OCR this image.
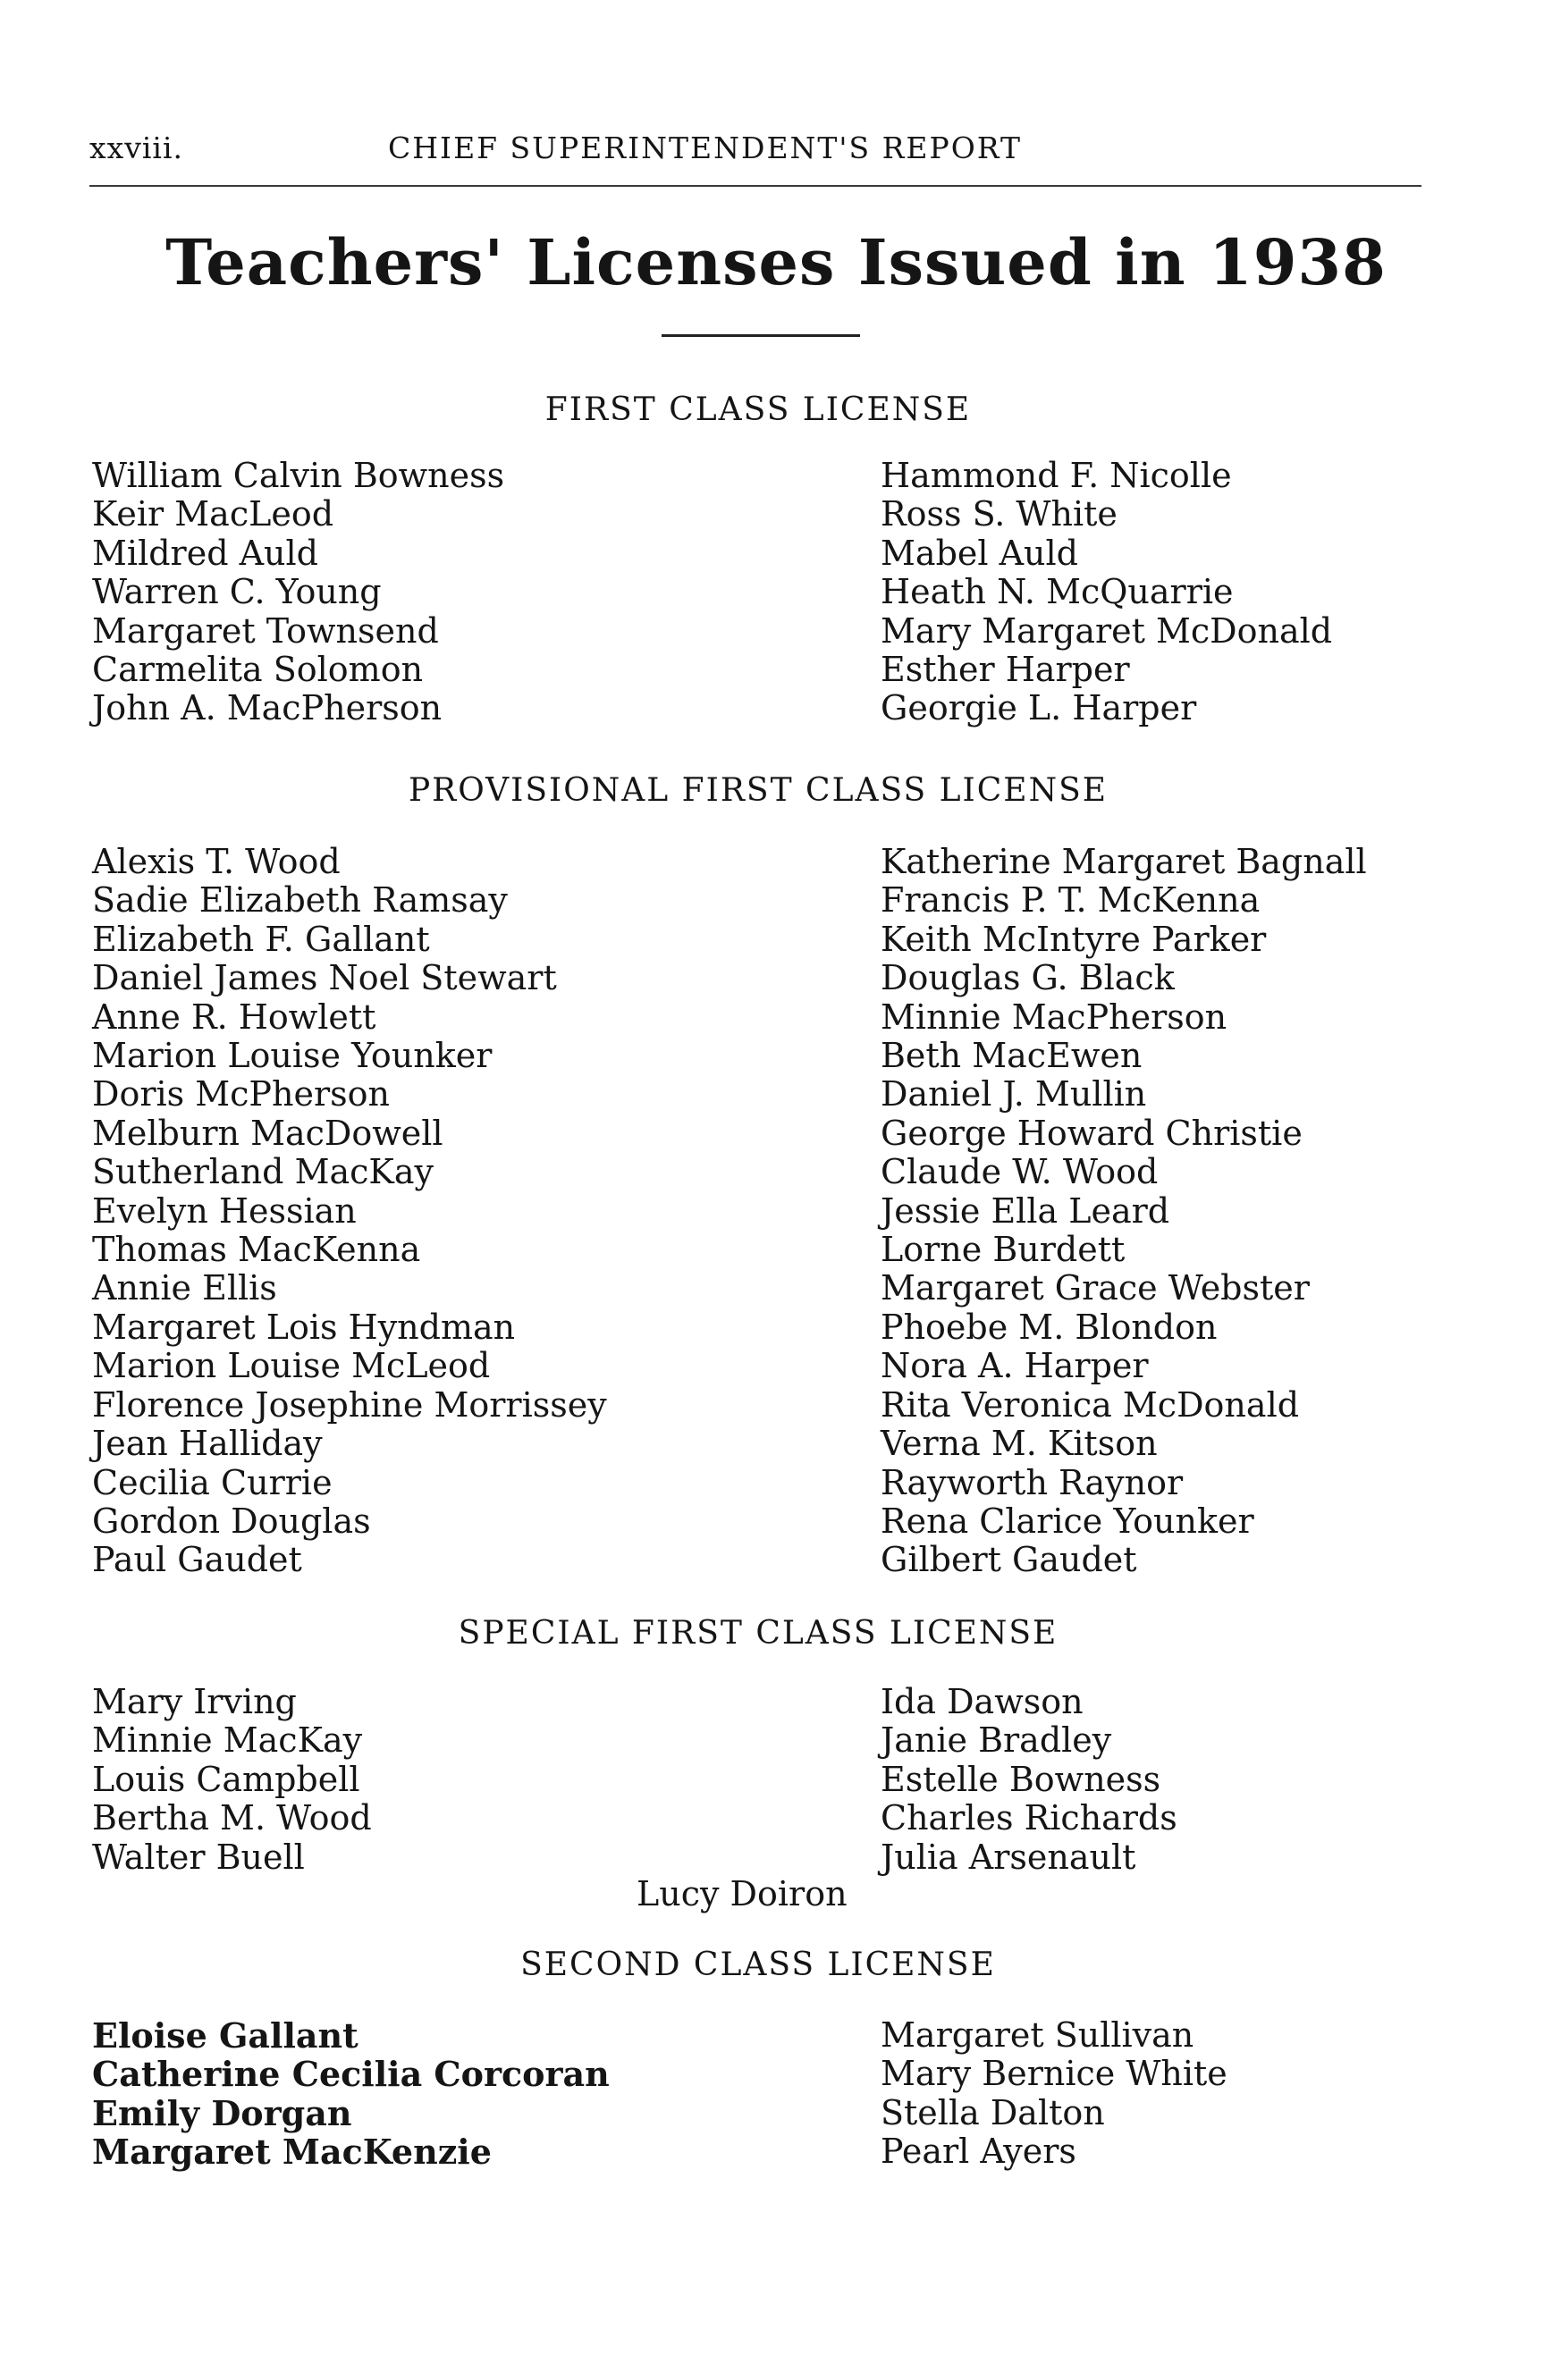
xxviii.	CHIEF SUPERINTENDENT'S REPORT
Teachers' Licenses Issued in 1938
FIRST CLASS LICENSE
William Calvin Bowness
Keir MacLeod
Mildred Auld
Warren C. Young
Margaret Townsend
Carmelita Solomon
John A. MacPherson
Hammond F. Nicolle
Ross S. White
Mabel Auld
Heath N. McQuarrie
Mary Margaret McDonald
Esther Harper
Georgie L. Harper
PROVISIONAL FIRST CLASS LICENSE
Alexis T. Wood
Sadie Elizabeth Ramsay
Elizabeth F. Gallant
Daniel James Noel Stewart
Anne R. Howlett
Marion Louise Younker
Doris McPherson
Melburn MacDowell
Sutherland MacKay
Evelyn Hessian
Thomas MacKenna
Annie Ellis
Margaret Lois Hyndman
Marion Louise McLeod
Florence Josephine Morrissey
Jean Halliday
Cecilia Currie
Gordon Douglas
Paul Gaudet
Katherine Margaret Bagnall
Francis P. T. McKenna
Keith McIntyre Parker
Douglas G. Black
Minnie MacPherson
Beth MacEwen
Daniel J. Mullin
George Howard Christie
Claude W. Wood
Jessie Ella Leard
Lorne Burdett
Margaret Grace Webster
Phoebe M. Blondon
Nora A. Harper
Rita Veronica McDonald
Verna M. Kitson
Rayworth Raynor
Rena Clarice Younker
Gilbert Gaudet
SPECIAL FIRST CLASS LICENSE
Mary Irving
Minnie MacKay
Louis Campbell
Bertha M. Wood
Walter Buell
Ida Dawson
Janie Bradley
Estelle Bowness
Charles Richards
Julia Arsenault
Lucy Doiron
SECOND CLASS LICENSE
Eloise Gallant
Catherine Cecilia Corcoran
Emily Dorgan
Margaret MacKenzie
Margaret Sullivan
Mary Bernice White
Stella Dalton
Pearl Ayers
